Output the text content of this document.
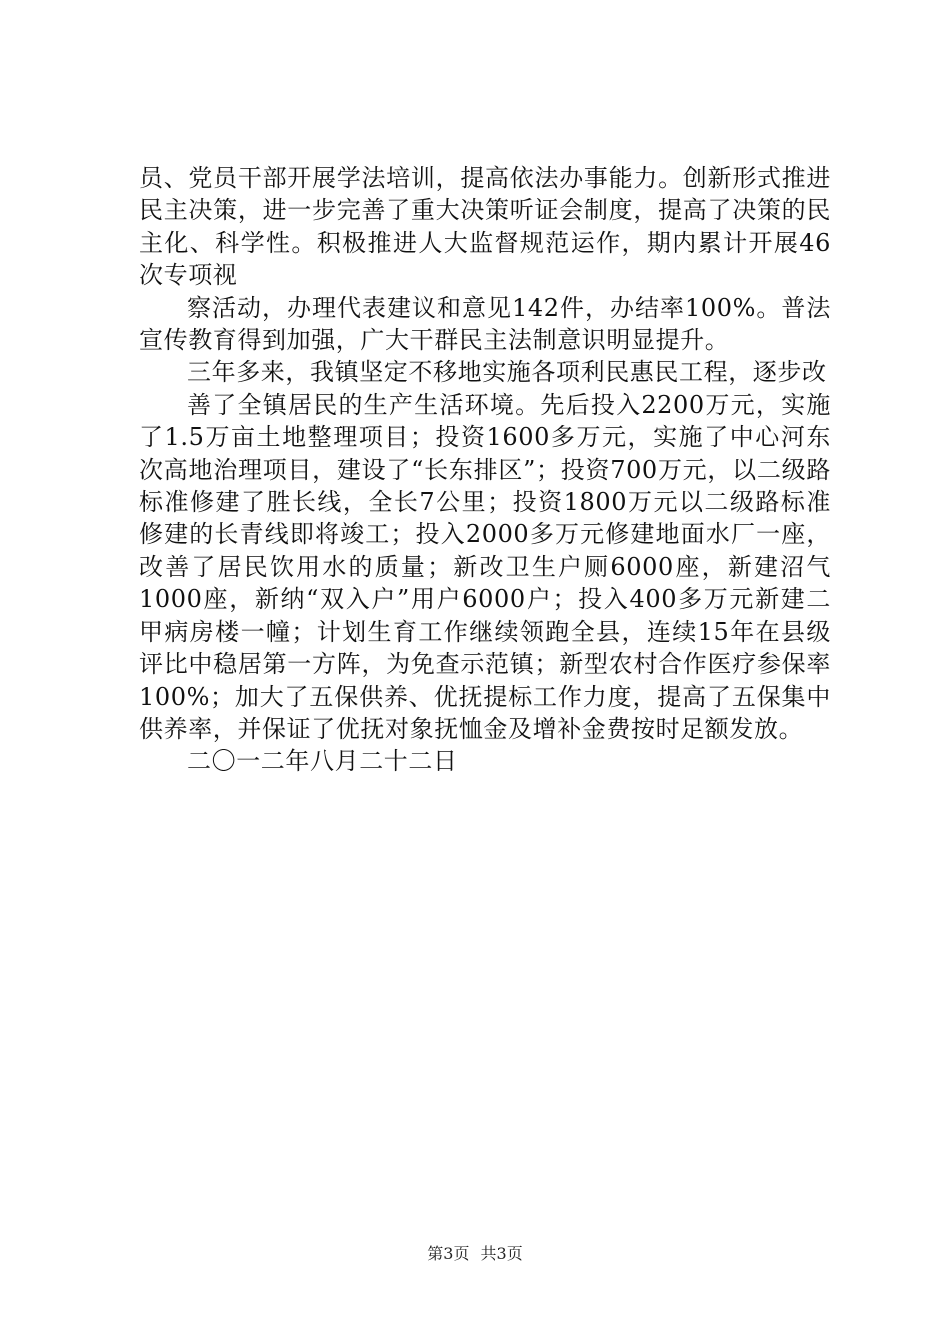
员、党员干部开展学法培训，提高依法办事能力。创新形式推进民主决策，进一步完善了重大决策听证会制度，提高了决策的民主化、科学性。积极推进人大监督规范运作，期内累计开展46次专项视

察活动，办理代表建议和意见142件，办结率100%。普法宣传教育得到加强，广大干群民主法制意识明显提升。

三年多来，我镇坚定不移地实施各项利民惠民工程，逐步改

善了全镇居民的生产生活环境。先后投入2200万元，实施了1.5万亩土地整理项目；投资1600多万元，实施了中心河东次高地治理项目，建设了“长东排区”；投资700万元，以二级路标准修建了胜长线，全长7公里；投资1800万元以二级路标准修建的长青线即将竣工；投入2000多万元修建地面水厂一座，改善了居民饮用水的质量；新改卫生户厕6000座，新建沼气1000座，新纳“双入户”用户6000户；投入400多万元新建二甲病房楼一幢；计划生育工作继续领跑全县，连续15年在县级评比中稳居第一方阵，为免查示范镇；新型农村合作医疗参保率100%；加大了五保供养、优抚提标工作力度，提高了五保集中供养率，并保证了优抚对象抚恤金及增补金费按时足额发放。

二〇一二年八月二十二日

第3页 共3页
